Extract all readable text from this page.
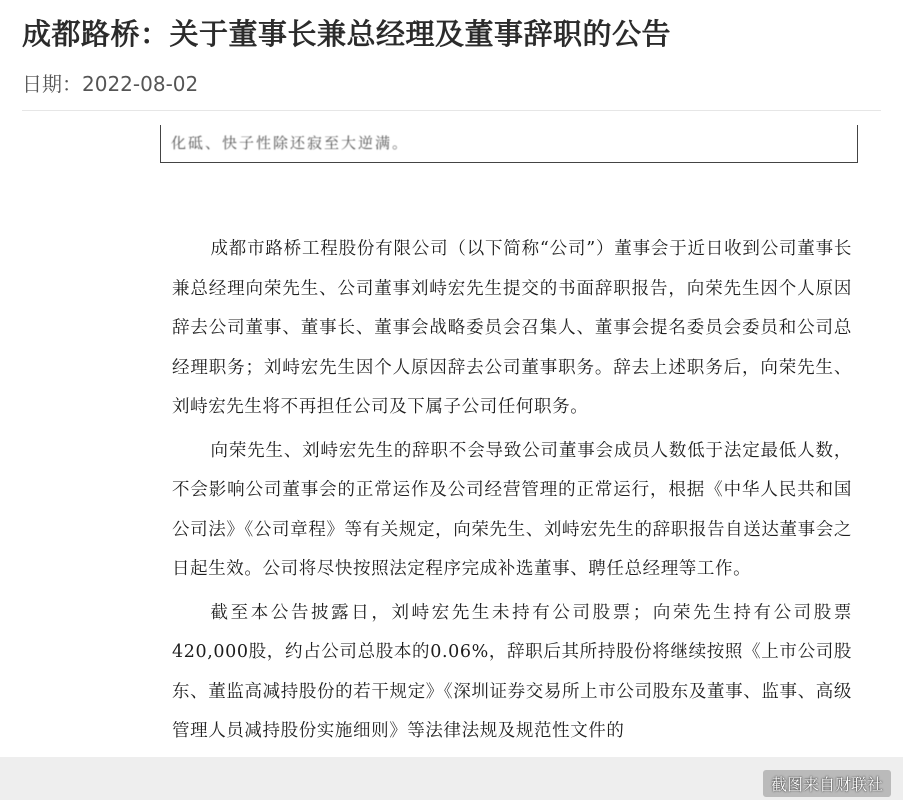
成都路桥：关于董事长兼总经理及董事辞职的公告
日期：2022-08-02
化砥、快子性除还寂至大逆满。

成都市路桥工程股份有限公司（以下简称“公司”）董事会于近日收到公司董事长兼总经理向荣先生、公司董事刘峙宏先生提交的书面辞职报告，向荣先生因个人原因辞去公司董事、董事长、董事会战略委员会召集人、董事会提名委员会委员和公司总经理职务；刘峙宏先生因个人原因辞去公司董事职务。辞去上述职务后，向荣先生、刘峙宏先生将不再担任公司及下属子公司任何职务。

向荣先生、刘峙宏先生的辞职不会导致公司董事会成员人数低于法定最低人数，不会影响公司董事会的正常运作及公司经营管理的正常运行，根据《中华人民共和国公司法》《公司章程》等有关规定，向荣先生、刘峙宏先生的辞职报告自送达董事会之日起生效。公司将尽快按照法定程序完成补选董事、聘任总经理等工作。

截至本公告披露日，刘峙宏先生未持有公司股票；向荣先生持有公司股票420,000股，约占公司总股本的0.06%，辞职后其所持股份将继续按照《上市公司股东、董监高减持股份的若干规定》《深圳证券交易所上市公司股东及董事、监事、高级管理人员减持股份实施细则》等法律法规及规范性文件的

截图来自财联社
